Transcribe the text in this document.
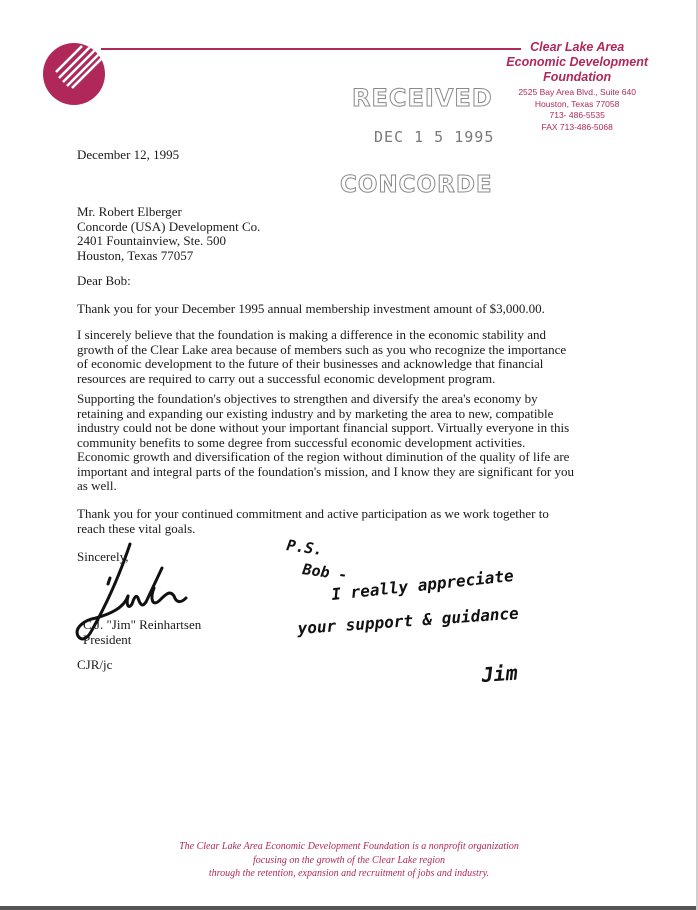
Clear Lake Area
Economic Development
Foundation
2525 Bay Area Blvd., Suite 640
Houston, Texas 77058
713- 486-5535
FAX 713-486-5068
RECEIVED
DEC 1 5 1995
CONCORDE
December 12, 1995
Mr. Robert Elberger
Concorde (USA) Development Co.
2401 Fountainview, Ste. 500
Houston, Texas 77057
Dear Bob:
Thank you for your December 1995 annual membership investment amount of $3,000.00.
I sincerely believe that the foundation is making a difference in the economic stability and growth of the Clear Lake area because of members such as you who recognize the importance of economic development to the future of their businesses and acknowledge that financial resources are required to carry out a successful economic development program.
Supporting the foundation's objectives to strengthen and diversify the area's economy by retaining and expanding our existing industry and by marketing the area to new, compatible industry could not be done without your important financial support. Virtually everyone in this community benefits to some degree from successful economic development activities. Economic growth and diversification of the region without diminution of the quality of life are important and integral parts of the foundation's mission, and I know they are significant for you as well.
Thank you for your continued commitment and active participation as we work together to reach these vital goals.
Sincerely,
C.J. "Jim" Reinhartsen
President
CJR/jc
P.S.
Bob -
I really appreciate
your support & guidance
Jim
The Clear Lake Area Economic Development Foundation is a nonprofit organization
focusing on the growth of the Clear Lake region
through the retention, expansion and recruitment of jobs and industry.
